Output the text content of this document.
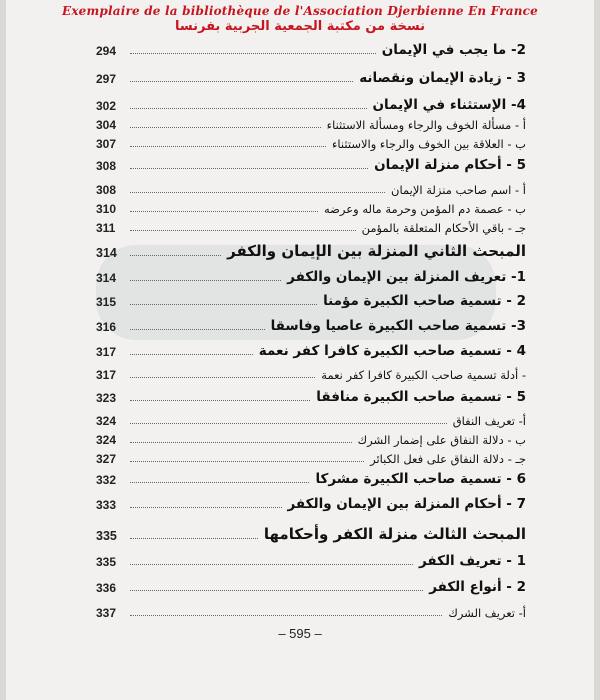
Exemplaire de la bibliothèque de l'Association Djerbienne En France
نسخة من مكتبة الجمعية الجربية بفرنسا
294	2- ما يجب في الإيمان
297	3 - زيادة الإيمان ونقصانه
302	4- الإستثناء في الإيمان
304	أ - مسألة الخوف والرجاء ومسألة الاستثناء
307	ب - العلاقة بين الخوف والرجاء والاستثناء
308	5 - أحكام منزلة الإيمان
308	أ - اسم صاحب منزلة الإيمان
310	ب - عصمة دم المؤمن وحرمة ماله وعرضه
311	جـ - باقي الأحكام المتعلقة بالمؤمن
314	المبحث الثاني المنزلة بين الإيمان والكفر
314	1- تعريف المنزلة بين الإيمان والكفر
315	2 - تسمية صاحب الكبيرة مؤمنا
316	3- تسمية صاحب الكبيرة عاصيا وفاسقا
317	4 - تسمية صاحب الكبيرة كافرا كفر نعمة
317	- أدلة تسمية صاحب الكبيرة كافرا كفر نعمة
323	5 - تسمية صاحب الكبيرة منافقا
324	أ- تعريف النفاق
324	ب - دلالة النفاق على إضمار الشرك
327	جـ - دلالة النفاق على فعل الكبائر
332	6 - تسمية صاحب الكبيرة مشركا
333	7 - أحكام المنزلة بين الإيمان والكفر
335	المبحث الثالث منزلة الكفر وأحكامها
335	1 - تعريف الكفر
336	2 - أنواع الكفر
337	أ- تعريف الشرك
– 595 –
